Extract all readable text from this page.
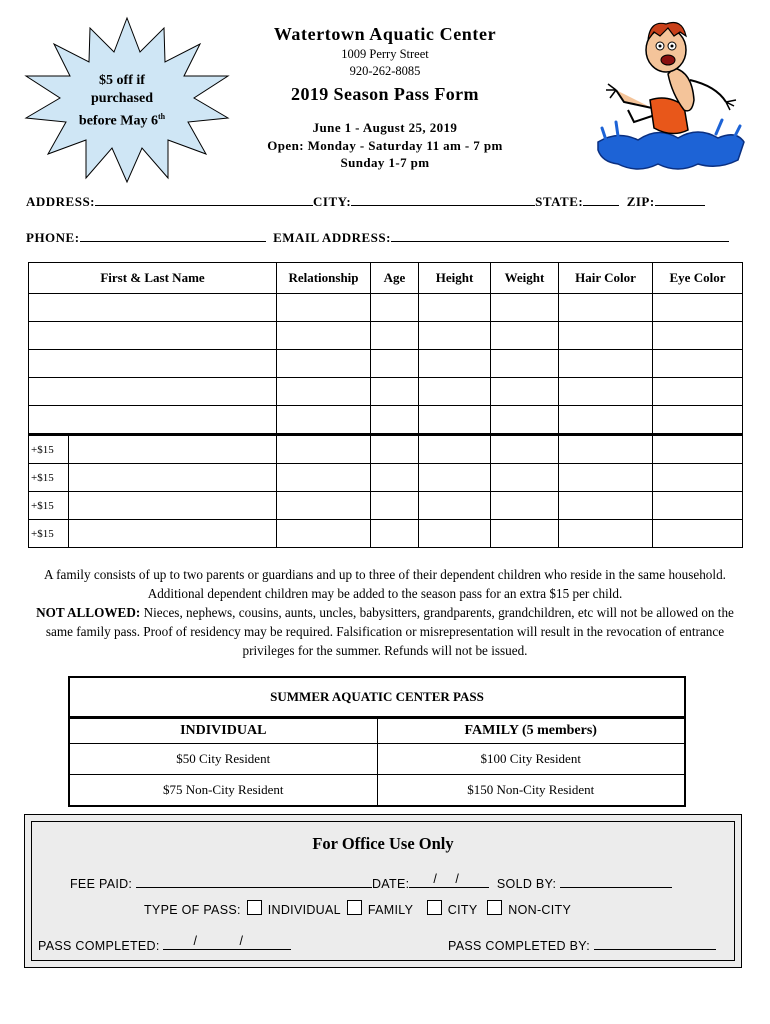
$5 off if
purchased
before May 6th
Watertown Aquatic Center
1009 Perry Street
920-262-8085
2019 Season Pass Form
June 1 - August 25, 2019
Open: Monday - Saturday 11 am - 7 pm
Sunday 1-7 pm
ADDRESS:	CITY:	STATE:	ZIP:
PHONE:	EMAIL ADDRESS:
First & Last Name		Relationship	Age	Height	Weight	Hair Color	Eye Color

+$15							
+$15							
+$15							
+$15							
A family consists of up to two parents or guardians and up to three of their dependent children who reside in the same household. Additional dependent children may be added to the season pass for an extra $15 per child.
NOT ALLOWED: Nieces, nephews, cousins, aunts, uncles, babysitters, grandparents, grandchildren, etc will not be allowed on the same family pass. Proof of residency may be required. Falsification or misrepresentation will result in the revocation of entrance privileges for the summer. Refunds will not be issued.
SUMMER AQUATIC CENTER PASS	
INDIVIDUAL	FAMILY (5 members)
$50 City Resident	$100 City Resident
$75 Non-City Resident	$150 Non-City Resident
For Office Use Only
FEE PAID:	DATE: / /	SOLD BY:
TYPE OF PASS: INDIVIDUAL FAMILY	CITY NON-CITY
PASS COMPLETED:	/	/	PASS COMPLETED BY:
